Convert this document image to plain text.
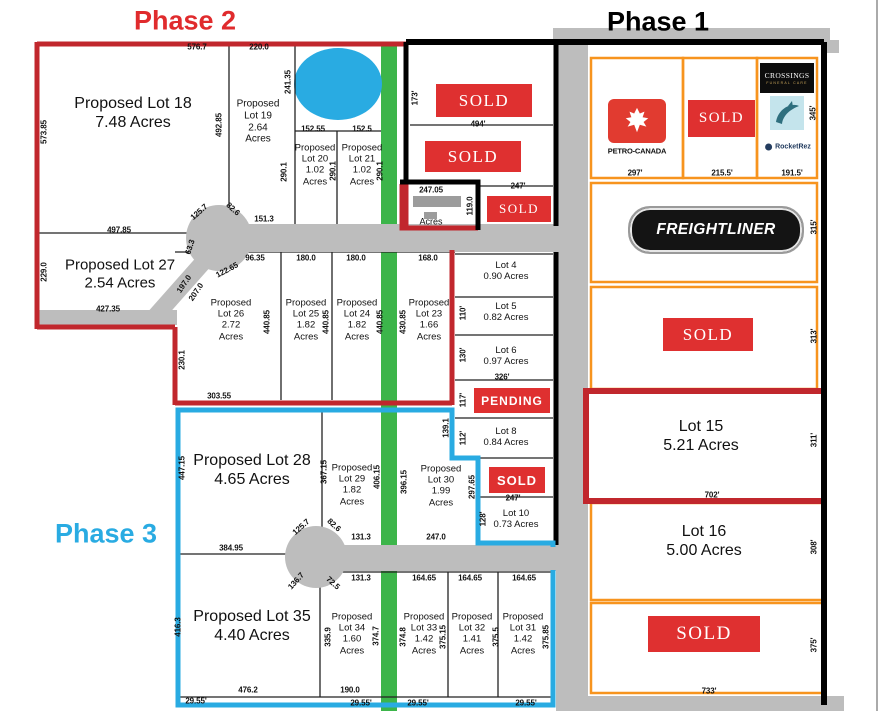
Phase 2	Phase 1
Phase 3
PETRO-CANADA
CROSSINGS
FUNERAL CARE
RocketRez
FREIGHTLINER
576.7	220.0
573.85	492.85
497.85
241.35
290.1	290.1	290.1
152.55	152.5
151.3
125.7 82.6
96.35	180.0	180.0	168.0
122.65
63.3
197.0
207.0
427.35
229.0
230.1
303.55
440.85	440.85	440.85 430.85
173'
494'
247'
247.05
119.0
110'
130'
326'
117'
112'
139.1
247'
128'
297.65
447.15	367.15	406.15 396.15
384.95
125.7 82.6
131.3	247.0
136.7 72.5 131.3	164.65	164.65	164.65
416.3
335.9	374.7 374.8	375.15	375.5	375.85
476.2	190.0
29.55'	29.55'	29.55'	29.55'
297'	215.5'	191.5'
345'
315'
313'
311'
702'
308'
375'
733'
Proposed Lot 18
7.48 Acres
Proposed
Lot 19
2.64
Acres
Proposed
Lot 20
1.02
Acres
Proposed
Lot 21
1.02
Acres
Proposed Lot 27
2.54 Acres
Proposed
Lot 26
2.72
Acres
Proposed
Lot 25
1.82
Acres
Proposed
Lot 24
1.82
Acres
Proposed
Lot 23
1.66
Acres
Lot 4
0.90 Acres
Lot 5
0.82 Acres
Lot 6
0.97 Acres
Lot 8
0.84 Acres
Lot 10
0.73 Acres
Lot 15
5.21 Acres
Lot 16
5.00 Acres
Proposed Lot 28
4.65 Acres
Proposed
Lot 29
1.82
Acres
Proposed
Lot 30
1.99
Acres
Proposed Lot 35
4.40 Acres
Proposed
Lot 34
1.60
Acres
Proposed
Lot 33
1.42
Acres
Proposed
Lot 32
1.41
Acres
Proposed
Lot 31
1.42
Acres
Acres
SOLD
SOLD
SOLD
PENDING
SOLD
SOLD
SOLD
SOLD
